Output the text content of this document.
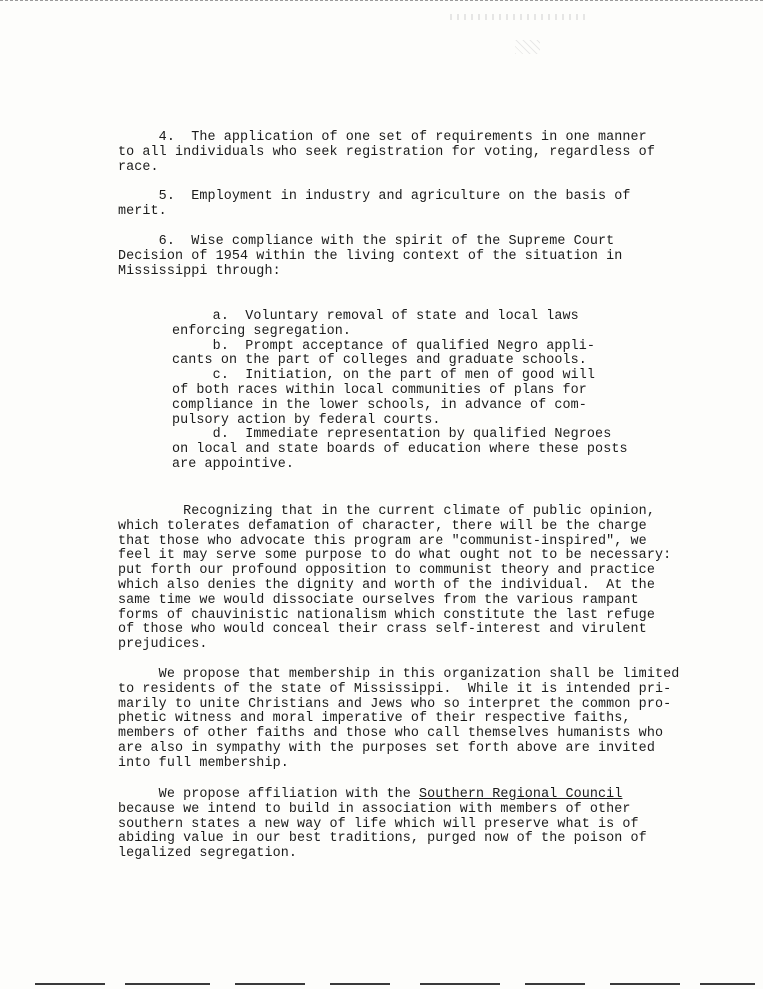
4.  The application of one set of requirements in one manner
to all individuals who seek registration for voting, regardless of
race.
5.  Employment in industry and agriculture on the basis of
merit.
6.  Wise compliance with the spirit of the Supreme Court
Decision of 1954 within the living context of the situation in
Mississippi through:
a.  Voluntary removal of state and local laws
enforcing segregation.
b.  Prompt acceptance of qualified Negro appli-
cants on the part of colleges and graduate schools.
c.  Initiation, on the part of men of good will
of both races within local communities of plans for
compliance in the lower schools, in advance of com-
pulsory action by federal courts.
d.  Immediate representation by qualified Negroes
on local and state boards of education where these posts
are appointive.
Recognizing that in the current climate of public opinion,
which tolerates defamation of character, there will be the charge
that those who advocate this program are "communist-inspired", we
feel it may serve some purpose to do what ought not to be necessary:
put forth our profound opposition to communist theory and practice
which also denies the dignity and worth of the individual.  At the
same time we would dissociate ourselves from the various rampant
forms of chauvinistic nationalism which constitute the last refuge
of those who would conceal their crass self-interest and virulent
prejudices.
We propose that membership in this organization shall be limited
to residents of the state of Mississippi.  While it is intended pri-
marily to unite Christians and Jews who so interpret the common pro-
phetic witness and moral imperative of their respective faiths,
members of other faiths and those who call themselves humanists who
are also in sympathy with the purposes set forth above are invited
into full membership.
We propose affiliation with the Southern Regional Council
because we intend to build in association with members of other
southern states a new way of life which will preserve what is of
abiding value in our best traditions, purged now of the poison of
legalized segregation.
